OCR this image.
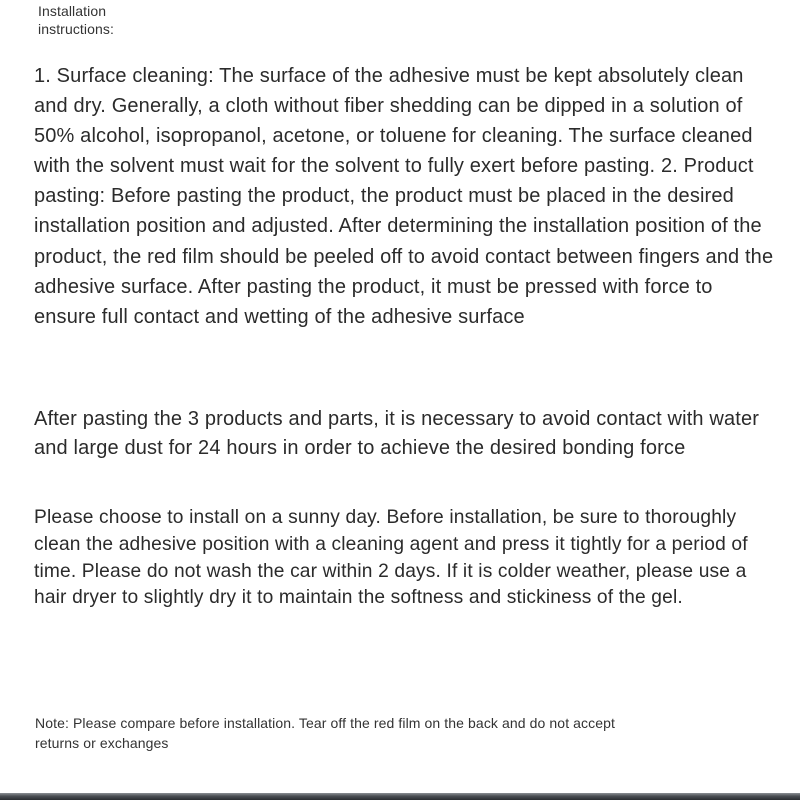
Installation instructions:

1. Surface cleaning: The surface of the adhesive must be kept absolutely clean and dry. Generally, a cloth without fiber shedding can be dipped in a solution of 50% alcohol, isopropanol, acetone, or toluene for cleaning. The surface cleaned with the solvent must wait for the solvent to fully exert before pasting. 2. Product pasting: Before pasting the product, the product must be placed in the desired installation position and adjusted. After determining the installation position of the product, the red film should be peeled off to avoid contact between fingers and the adhesive surface. After pasting the product, it must be pressed with force to ensure full contact and wetting of the adhesive surface

After pasting the 3 products and parts, it is necessary to avoid contact with water and large dust for 24 hours in order to achieve the desired bonding force

Please choose to install on a sunny day. Before installation, be sure to thoroughly clean the adhesive position with a cleaning agent and press it tightly for a period of time. Please do not wash the car within 2 days. If it is colder weather, please use a hair dryer to slightly dry it to maintain the softness and stickiness of the gel.

Note: Please compare before installation. Tear off the red film on the back and do not accept returns or exchanges
